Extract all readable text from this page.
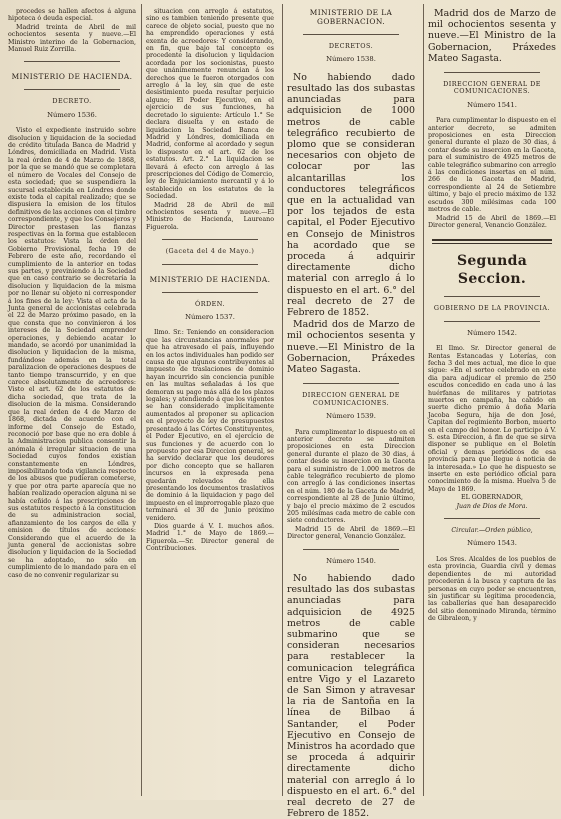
procedes se hallen afectos á alguna hipoteca ó deuda especial.

Madrid treinta de Abril de mil ochocientos sesenta y nueve.—El Ministro interino de la Gobernacion, Manuel Ruiz Zorrilla.

MINISTERIO DE HACIENDA.
DECRETO.
Número 1536.

Visto el expediente instruido sobre disolucion y liquidacion de la sociedad de crédito titulada Banca de Madrid y Lóndres, domiciliada en Madrid. Vista la real órden de 4 de Marzo de 1868, por la que se mandó que se completara el número de Vocales del Consejo de esta sociedad; que se suspendiera la sucursal establecida en Lóndres donde existe toda el capital realizado; que se dispusiera la emision de los títulos definitivos de las acciones con el timbre correspondiente, y que los Consejeros y Director prestasen las fianzas respectivas en la forma que establecen los estatutos: Vista la órden del Gobierno Provisional, fecha 19 de Febrero de este año, recordando el cumplimiento de la anterior en todas sus partes, y previniendo á la Sociedad que en caso contrario se decretaría la disolucion y liquidacion de la misma por no llenar su objeto ni corresponder á los fines de la ley: Vista el acta de la Junta general de accionistas celebrada el 22 de Marzo próximo pasado, en la que consta que no convinieron á los intereses de la Sociedad emprender operaciones, y debiendo acatar lo mandado, se acordó por unanimidad la disolucion y liquidacion de la misma, fundándose además en la total paralizacion de operaciones despues de tanto tiempo transcurrido, y en que carece absolutamente de acreedores: Visto el art. 62 de los estatutos de dicha sociedad, que trata de la disolucion de la misma. Considerando que la real órden de 4 de Marzo de 1868, dictada de acuerdo con el informe del Consejo de Estado, reconoció por base que no era doble á la Administracion publica consentir la anómala é irregular situacion de una Sociedad cuyos fondos existían constantemente en Lóndres, imposibilitando toda vigilancia respecto de los abusos que pudieran cometerse, y que por otra parte aparecía que no habían realizado operacion alguna ni se había ceñido á las prescripciones de sus estatutos respecto á la constitucion de su administracion social, afianzamiento de los cargos de ella y emision de títulos de acciones: Considerando que el acuerdo de la junta general de accionistas sobre disolucion y liquidacion de la Sociedad se ha adoptado, no sólo en cumplimiento de lo mandado para en el caso de no convenir regularizar su

situacion con arreglo á estatutos, sino es tambien teniendo presente que carece de objeto social, puesto que no ha emprendido operaciones y está exenta de acreedores: Y considerando, en fin, que bajo tal concepto es procedente la disolucion y liquidacion acordada por los socionistas, puesto que unánimemente renuncian á los derechos que le fueron otorgados con arreglo á la ley, sin que de este desistimiento pueda resultar perjuicio alguno; El Poder Ejecutivo, en el ejercicio de sus funciones, ha decretado lo siguiente: Artículo 1.° Se declara disuelta y en estado de liquidacion la Sociedad Banca de Madrid y Lóndres, domiciliada en Madrid, conforme al acordado y segun lo dispuesto en el art. 62 de los estatutos. Art. 2.° La liquidacion se llevará á efecto con arreglo á las prescripciones del Código de Comercio, ley de Enjuiciamiento mercantil y á lo establecido en los estatutos de la Sociedad.

Madrid 28 de Abril de mil ochocientos sesenta y nueve.—El Ministro de Hacienda, Laureano Figuerola.

(Gaceta del 4 de Mayo.)
MINISTERIO DE HACIENDA.
ÓRDEN.
Número 1537.

Ilmo. Sr.: Teniendo en consideracion que las circunstancias anormales por que ha atravesado el país, influyendo en los actos individuales han podido ser causa de que algunos contribuyentes al impuesto de traslaciones de dominio hayan incurrido sin conciencia punible en las multas señaladas á los que demoran su pago más allá de los plazos legales; y atendiendo á que los vigentes se han considerado implícitamente aumentados al proponer su aplicacion en el proyecto de ley de presupuestos presentado á las Córtes Constituyentes, el Poder Ejecutivo, en el ejercicio de sus funciones y de acuerdo con lo propuesto por esa Direccion general, se ha servido declarar que los deudores por dicho concepto que se hallaren incursos en la expresada pena quedarán relevados de ella presentando los documentos traslativos de dominio á la liquidacion y pago del impuesto en el improrrogable plazo que terminará el 30 de Junio próximo venidero.

Dios guarde á V. I. muchos años. Madrid 1.° de Mayo de 1869.—Figuerola.—Sr. Director general de Contribuciones.

MINISTERIO DE LA GOBERNACION.
DECRETOS.
Número 1538.

No habiendo dado resultado las dos subastas anunciadas para adquisicion de 1000 metros de cable telegráfico recubierto de plomo que se consideran necesarios con objeto de colocar por las alcantarillas los conductores telegráficos que en la actualidad van por los tejados de esta capital, el Poder Ejecutivo en Consejo de Ministros ha acordado que se proceda á adquirir directamente dicho material con arreglo á lo dispuesto en el art. 6.° del real decreto de 27 de Febrero de 1852.

Madrid dos de Marzo de mil ochocientos sesenta y nueve.—El Ministro de la Gobernacion, Práxedes Mateo Sagasta.

DIRECCION GENERAL DE COMUNICACIONES.
Número 1539.

Para cumplimentar lo dispuesto en el anterior decreto se admiten proposiciones en esta Direccion general durante el plazo de 30 dias, á contar desde su insercion en la Gaceta para el suministro de 1.000 metros de cable telegráfico recubierto de plomo con arreglo á las condiciones insertas en el núm. 180 de la Gaceta de Madrid, correspondiente al 28 de Junio último, y bajo el precio máximo de 2 escudos 205 milésimas cada metro de cable con siete conductores.

Madrid 15 de Abril de 1869.—El Director general, Venancio González.

Número 1540.

No habiendo dado resultado las dos subastas anunciadas para adquisicion de 4925 metros de cable submarino que se consideran necesarios para restablecer la comunicacion telegráfica entre Vigo y el Lazareto de San Simon y atravesar la ria de Santoña en la línea de Bilbao á Santander, el Poder Ejecutivo en Consejo de Ministros ha acordado que se proceda á adquirir directamente dicho material con arreglo á lo dispuesto en el art. 6.° del real decreto de 27 de Febrero de 1852.

Madrid dos de Marzo de mil ochocientos sesenta y nueve.—El Ministro de la Gobernacion, Práxedes Mateo Sagasta.

DIRECCION GENERAL DE COMUNICACIONES.
Número 1541.

Para cumplimentar lo dispuesto en el anterior decreto, se admiten proposiciones en esta Direccion general durante el plazo de 30 dias, á contar desde su insercion en la Gaceta, para el suministro de 4925 metros de cable telegráfico submarino con arreglo á las condiciones insertas en el núm. 266 de la Gaceta de Madrid, correspondiente al 24 de Setiembre último, y bajo el precio máximo de 132 escudos 300 milésimas cada 100 metros de cable.

Madrid 15 de Abril de 1869.—El Director general, Venancio González.

Segunda Seccion.
GOBIERNO DE LA PROVINCIA.
Número 1542.

El Ilmo. Sr. Director general de Rentas Estancadas y Loterías, con fecha 3 del mes actual, me dice lo que sigue: «En el sorteo celebrado en este dia para adjudicar el premio de 250 escudos concedido en cada uno á las huérfanas de militares y patriotas muertos en campaña, ha cabido en suerte dicho premio á doña María Jacoba Segura, hija de don José, Capitan del regimiento Borbon, muerto en el campo del honor. Lo participo á V. S. esta Direccion, á fin de que se sirva disponer se publique en el Boletín oficial y demas periódicos de esa provincia para que llegue á noticia de la interesada.» Lo que he dispuesto se inserte en este periódico oficial para conocimiento de la misma. Huelva 5 de Mayo de 1869.

EL GOBERNADOR,

Juan de Dios de Mora.

Circular.—Orden público,

Número 1543.

Los Sres. Alcaldes de los pueblos de esta provincia, Guardia civil y demas dependientes de mi autoridad procederán á la busca y captura de las personas en cuyo poder se encuentren, sin justificar su legítima procedencia, las caballerías que han desaparecido del sitio denominado Miranda, término de Gibraleon, y
